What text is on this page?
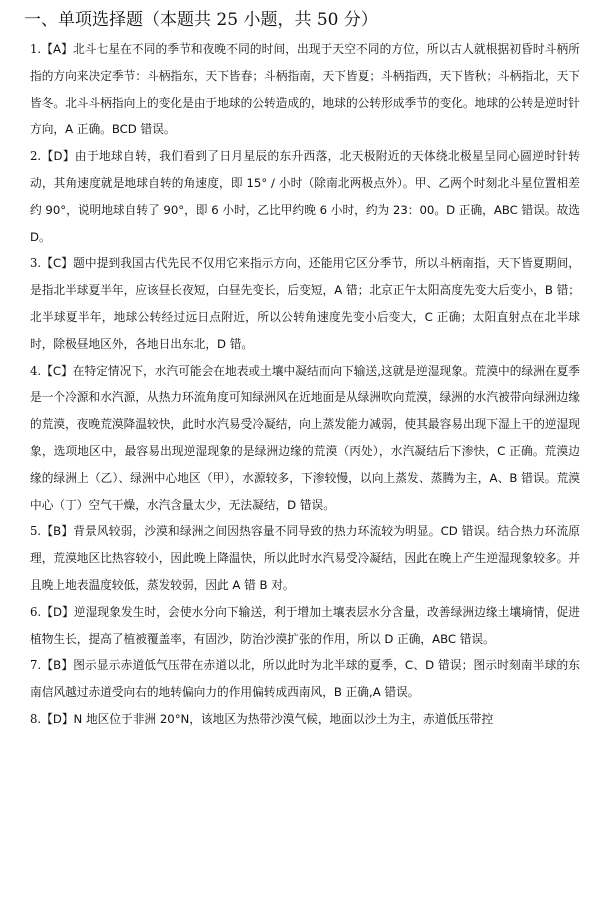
一、单项选择题（本题共 25 小题，共 50 分）

1.【A】北斗七星在不同的季节和夜晚不同的时间，出现于天空不同的方位，所以古人就根据初昏时斗柄所指的方向来决定季节：斗柄指东，天下皆春；斗柄指南，天下皆夏；斗柄指西，天下皆秋；斗柄指北，天下皆冬。北斗斗柄指向上的变化是由于地球的公转造成的，地球的公转形成季节的变化。地球的公转是逆时针方向，A 正确。BCD 错误。

2.【D】由于地球自转，我们看到了日月星辰的东升西落，北天极附近的天体绕北极星呈同心圆逆时针转动，其角速度就是地球自转的角速度，即 15° / 小时（除南北两极点外）。甲、乙两个时刻北斗星位置相差约 90°，说明地球自转了 90°，即 6 小时，乙比甲约晚 6 小时，约为 23：00。D 正确，ABC 错误。故选 D。

3.【C】题中提到我国古代先民不仅用它来指示方向，还能用它区分季节，所以斗柄南指，天下皆夏期间，是指北半球夏半年，应该昼长夜短，白昼先变长，后变短，A 错；北京正午太阳高度先变大后变小，B 错；北半球夏半年，地球公转经过远日点附近，所以公转角速度先变小后变大，C 正确；太阳直射点在北半球时，除极昼地区外，各地日出东北，D 错。

4.【C】在特定情况下，水汽可能会在地表或土壤中凝结而向下输送,这就是逆湿现象。荒漠中的绿洲在夏季是一个冷源和水汽源，从热力环流角度可知绿洲风在近地面是从绿洲吹向荒漠，绿洲的水汽被带向绿洲边缘的荒漠，夜晚荒漠降温较快，此时水汽易受冷凝结，向上蒸发能力减弱，使其最容易出现下湿上干的逆湿现象，选项地区中，最容易出现逆湿现象的是绿洲边缘的荒漠（丙处），水汽凝结后下渗快，C 正确。荒漠边缘的绿洲上（乙）、绿洲中心地区（甲），水源较多，下渗较慢，以向上蒸发、蒸腾为主，A、B 错误。荒漠中心（丁）空气干燥，水汽含量太少，无法凝结，D 错误。

5.【B】背景风较弱，沙漠和绿洲之间因热容量不同导致的热力环流较为明显。CD 错误。结合热力环流原理，荒漠地区比热容较小，因此晚上降温快，所以此时水汽易受冷凝结，因此在晚上产生逆湿现象较多。并且晚上地表温度较低，蒸发较弱，因此 A 错 B 对。

6.【D】逆湿现象发生时，会使水分向下输送，利于增加土壤表层水分含量，改善绿洲边缘土壤墒情，促进植物生长，提高了植被覆盖率，有固沙，防治沙漠扩张的作用，所以 D 正确，ABC 错误。

7.【B】图示显示赤道低气压带在赤道以北，所以此时为北半球的夏季，C、D 错误；图示时刻南半球的东南信风越过赤道受向右的地转偏向力的作用偏转成西南风，B 正确,A 错误。

8.【D】N 地区位于非洲 20°N，该地区为热带沙漠气候，地面以沙土为主，赤道低压带控
